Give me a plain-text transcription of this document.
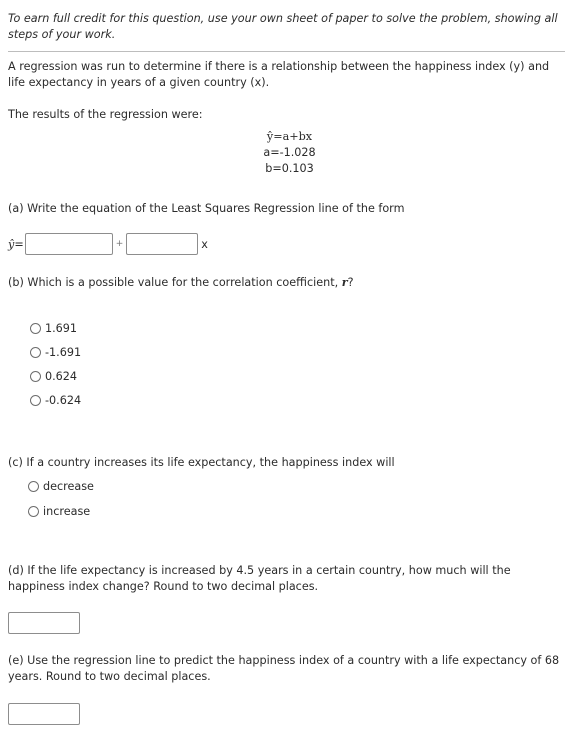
To earn full credit for this question, use your own sheet of paper to solve the problem, showing all steps of your work.
A regression was run to determine if there is a relationship between the happiness index (y) and life expectancy in years of a given country (x).
The results of the regression were:
ŷ=a+bx
a=-1.028
b=0.103
(a) Write the equation of the Least Squares Regression line of the form
ŷ =	+	x
(b) Which is a possible value for the correlation coefficient, r?
1.691
-1.691
0.624
-0.624
(c) If a country increases its life expectancy, the happiness index will
decrease
increase
(d) If the life expectancy is increased by 4.5 years in a certain country, how much will the happiness index change? Round to two decimal places.
(e) Use the regression line to predict the happiness index of a country with a life expectancy of 68 years. Round to two decimal places.
